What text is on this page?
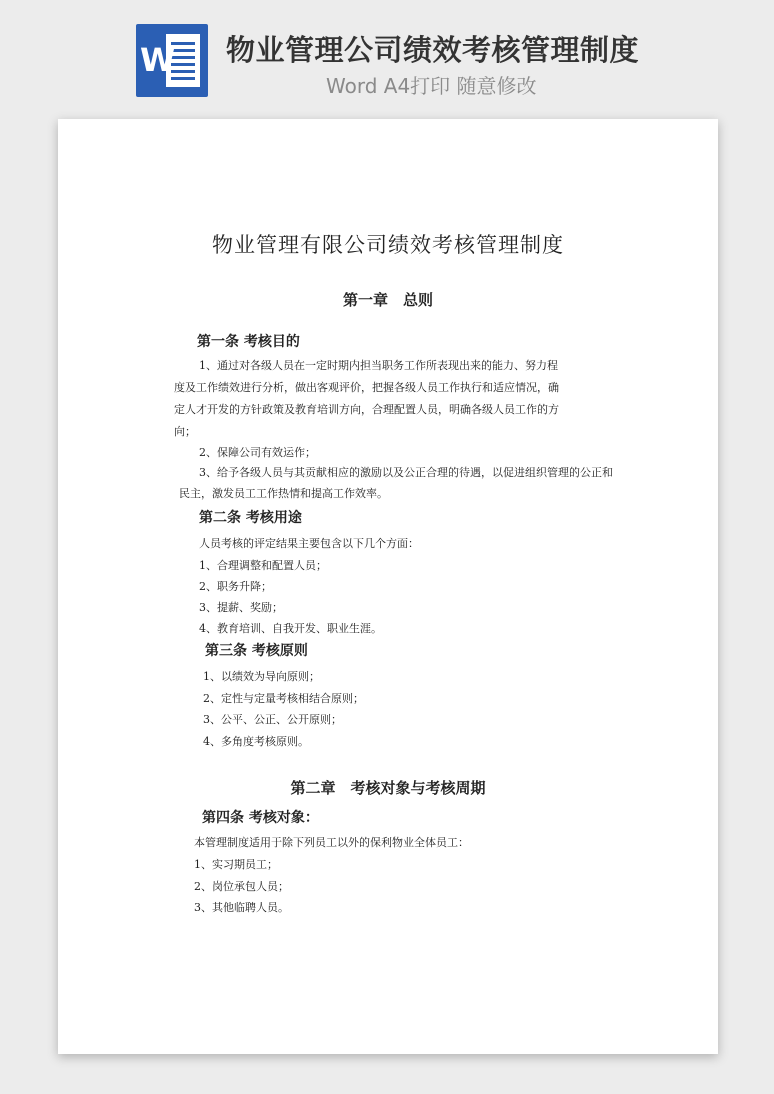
W 物业管理公司绩效考核管理制度
Word A4打印 随意修改
物业管理有限公司绩效考核管理制度
第一章　总则
第一条 考核目的
1、通过对各级人员在一定时期内担当职务工作所表现出来的能力、努力程
度及工作绩效进行分析，做出客观评价，把握各级人员工作执行和适应情况，确
定人才开发的方针政策及教育培训方向，合理配置人员，明确各级人员工作的方
向；
2、保障公司有效运作；
3、给予各级人员与其贡献相应的激励以及公正合理的待遇，以促进组织管理的公正和
民主，激发员工工作热情和提高工作效率。
第二条 考核用途
人员考核的评定结果主要包含以下几个方面：
1、合理调整和配置人员；
2、职务升降；
3、提薪、奖励；
4、教育培训、自我开发、职业生涯。
第三条 考核原则
1、以绩效为导向原则；
2、定性与定量考核相结合原则；
3、公平、公正、公开原则；
4、多角度考核原则。
第二章　考核对象与考核周期
第四条 考核对象：
本管理制度适用于除下列员工以外的保利物业全体员工：
1、实习期员工；
2、岗位承包人员；
3、其他临聘人员。
